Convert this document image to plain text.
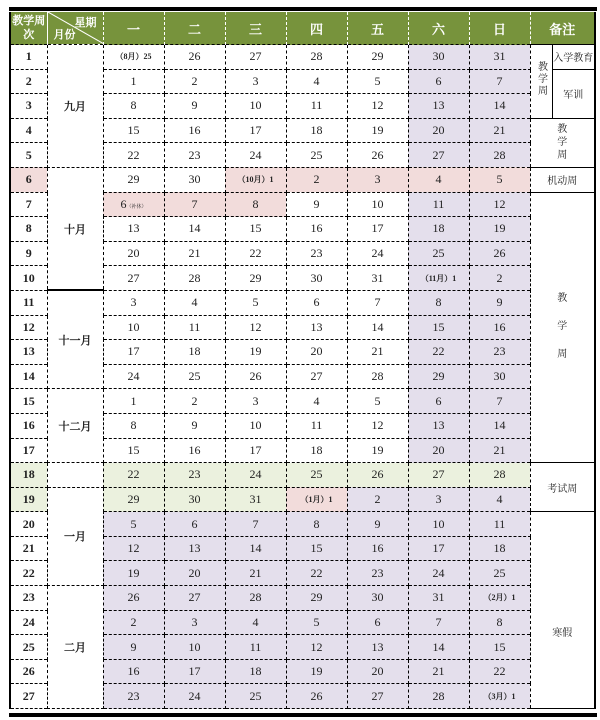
教学周次	星期
月份	一	二	三	四	五	六	日	备注	
1	九月	（8月）25	26	27	28	29	30	31	教学周	入学教育
2		1	2	3	4	5	6	7		军训
3		8	9	10	11	12	13	14		
4		15	16	17	18	19	20	21	教学周	
5		22	23	24	25	26	27	28		
6	十月	29	30	（10月）1	2	3	4	5	机动周	
7		6（补休）	7	8	9	10	11	12	教学周	
8		13	14	15	16	17	18	19		
9		20	21	22	23	24	25	26		
10		27	28	29	30	31	（11月）1	2		
11	十一月	3	4	5	6	7	8	9		
12		10	11	12	13	14	15	16		
13		17	18	19	20	21	22	23		
14		24	25	26	27	28	29	30		
15	十二月	1	2	3	4	5	6	7		
16		8	9	10	11	12	13	14		
17		15	16	17	18	19	20	21		
18		22	23	24	25	26	27	28	考试周	
19	一月	29	30	31	（1月）1	2	3	4		
20		5	6	7	8	9	10	11	寒假	

21		12	13	14	15	16	17	18		
22		19	20	21	22	23	24	25		
23	二月	26	27	28	29	30	31	（2月）1		
24		2	3	4	5	6	7	8		
25		9	10	11	12	13	14	15		
26		16	17	18	19	20	21	22		
27		23	24	25	26	27	28	（3月）1		
